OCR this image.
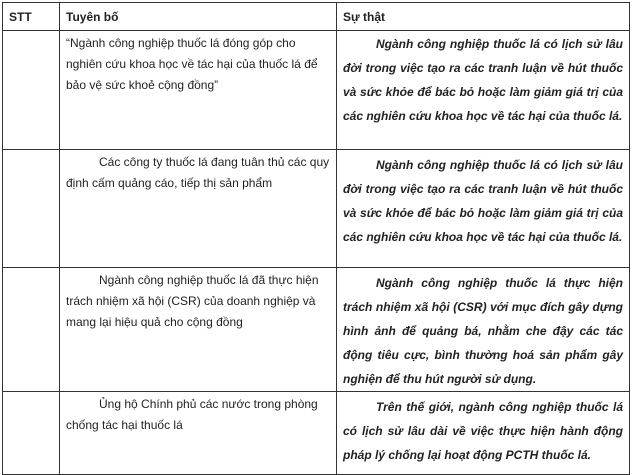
STT	Tuyên bố	Sự thật

	“Ngành công nghiệp thuốc lá đóng góp cho nghiên cứu khoa học về tác hại của thuốc lá để bảo vệ sức khoẻ cộng đồng”	Ngành công nghiệp thuốc lá có lịch sử lâu đời trong việc tạo ra các tranh luận về hút thuốc và sức khỏe để bác bỏ hoặc làm giảm giá trị của các nghiên cứu khoa học về tác hại của thuốc lá.

	Các công ty thuốc lá đang tuân thủ các quy định cấm quảng cáo, tiếp thị sản phẩm	Ngành công nghiệp thuốc lá có lịch sử lâu đời trong việc tạo ra các tranh luận về hút thuốc và sức khỏe để bác bỏ hoặc làm giảm giá trị của các nghiên cứu khoa học về tác hại của thuốc lá.

	Ngành công nghiệp thuốc lá đã thực hiện trách nhiệm xã hội (CSR) của doanh nghiệp và mang lại hiệu quả cho cộng đồng	Ngành công nghiệp thuốc lá thực hiện trách nhiệm xã hội (CSR) với mục đích gây dựng hình ảnh để quảng bá, nhằm che đậy các tác động tiêu cực, bình thường hoá sản phẩm gây nghiện để thu hút người sử dụng.

	Ủng hộ Chính phủ các nước trong phòng chống tác hại thuốc lá	Trên thế giới, ngành công nghiệp thuốc lá có lịch sử lâu dài về việc thực hiện hành động pháp lý chống lại hoạt động PCTH thuốc lá.
